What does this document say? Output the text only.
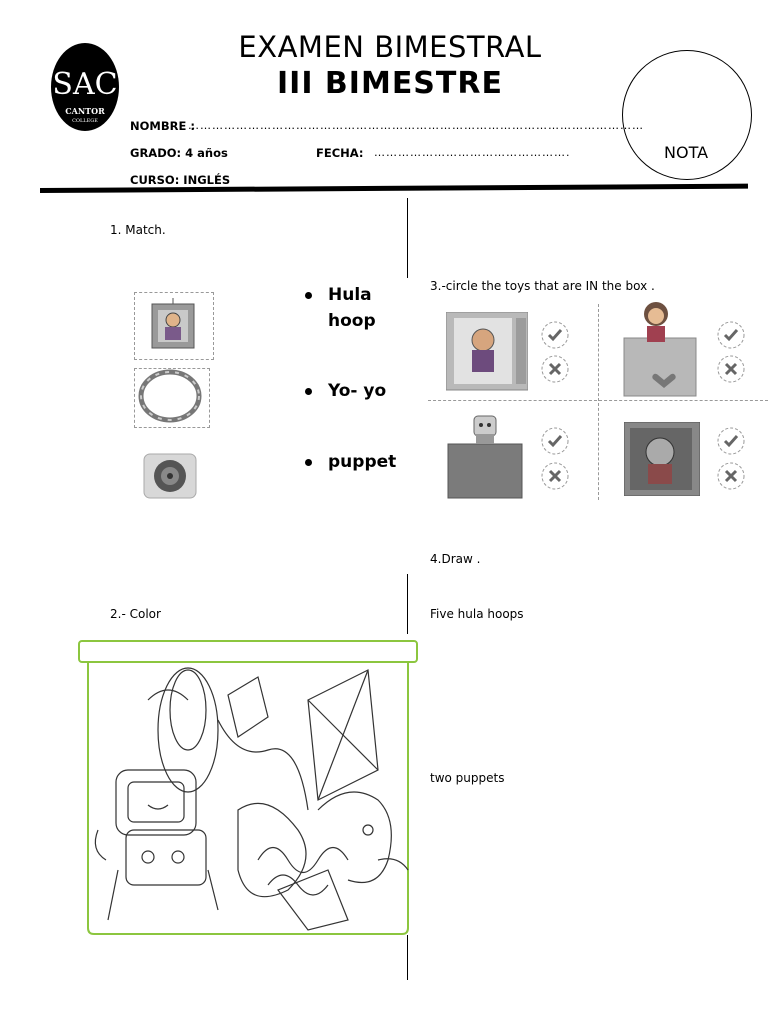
SAC
CANTOR
COLLEGE
EXAMEN BIMESTRAL
III BIMESTRE
NOMBRE :
……………………………………………………………………………………………………
GRADO: 4 años	FECHA: ………………………………………….
CURSO: INGLÉS
NOTA
1. Match.
Hula hoop
Yo- yo
puppet
3.-circle the toys that are IN the box .
4.Draw .
Five hula hoops
two puppets
2.- Color
